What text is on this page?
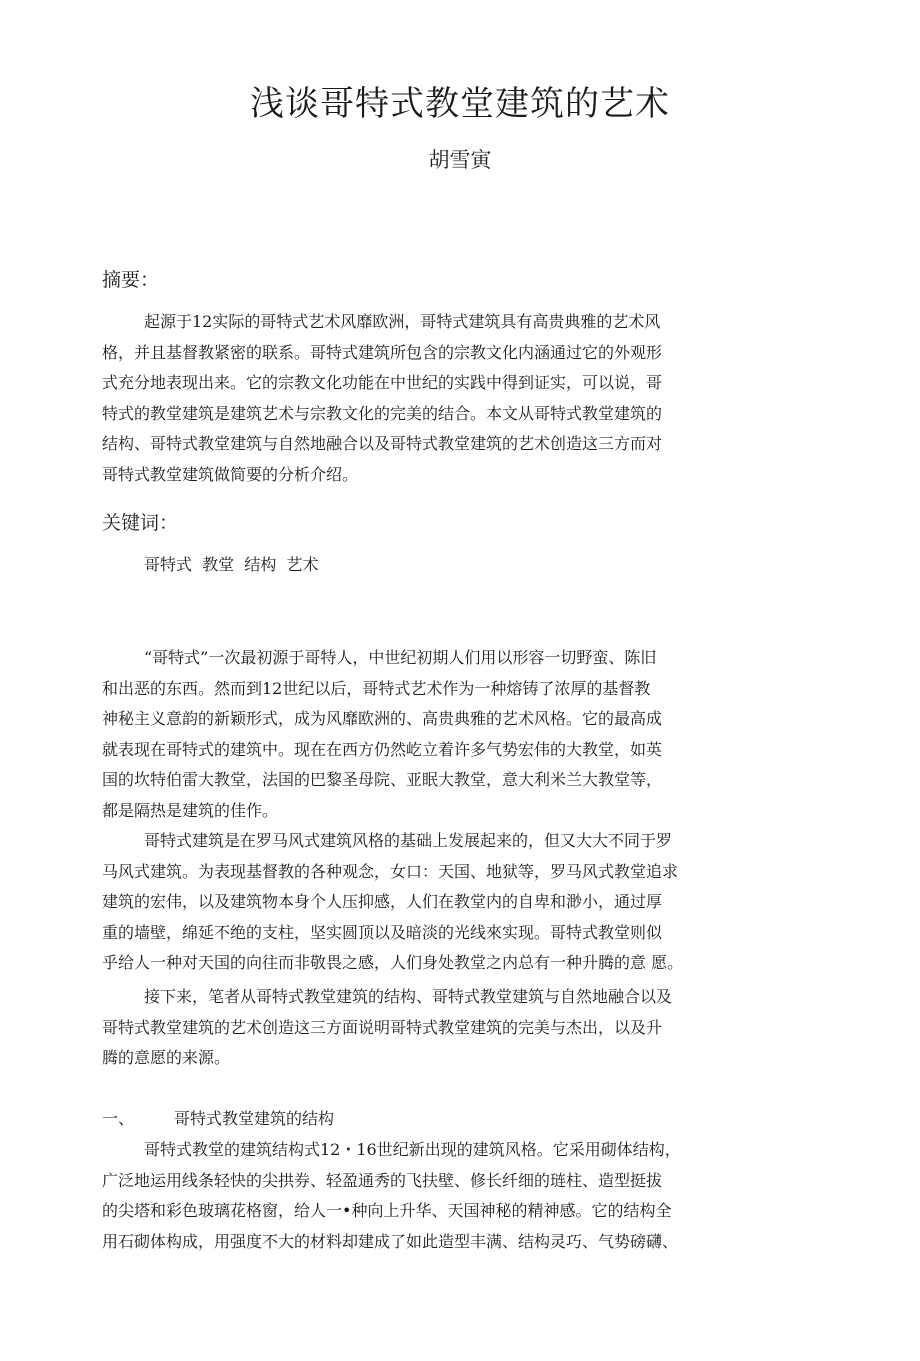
浅谈哥特式教堂建筑的艺术
胡雪寅
摘要：
起源于12实际的哥特式艺术风靡欧洲，哥特式建筑具有高贵典雅的艺术风
格，并且基督教紧密的联系。哥特式建筑所包含的宗教文化内涵通过它的外观形
式充分地表现出来。它的宗教文化功能在中世纪的实践中得到证实，可以说，哥
特式的教堂建筑是建筑艺术与宗教文化的完美的结合。本文从哥特式教堂建筑的
结构、哥特式教堂建筑与自然地融合以及哥特式教堂建筑的艺术创造这三方而对
哥特式教堂建筑做简要的分析介绍。
关键词：
哥特式  教堂  结构  艺术
“哥特式”一次最初源于哥特人，中世纪初期人们用以形容一切野蛮、陈旧
和出恶的东西。然而到12世纪以后，哥特式艺术作为一种熔铸了浓厚的基督教
神秘主义意韵的新颖形式，成为风靡欧洲的、高贵典雅的艺术风格。它的最高成
就表现在哥特式的建筑中。现在在西方仍然屹立着许多气势宏伟的大教堂，如英
国的坎特伯雷大教堂，法国的巴黎圣母院、亚眠大教堂，意大利米兰大教堂等，
都是隔热是建筑的佳作。
哥特式建筑是在罗马风式建筑风格的基础上发展起来的，但又大大不同于罗
马风式建筑。为表现基督教的各种观念，女口：天国、地狱等，罗马风式教堂追求
建筑的宏伟，以及建筑物本身个人压抑感，人们在教堂内的自卑和渺小，通过厚
重的墙壁，绵延不绝的支柱，坚实圆顶以及暗淡的光线來实现。哥特式教堂则似
乎给人一种对天国的向往而非敬畏之感，人们身处教堂之内总有一种升腾的意 愿。
接下来，笔者从哥特式教堂建筑的结构、哥特式教堂建筑与自然地融合以及
哥特式教堂建筑的艺术创造这三方面说明哥特式教堂建筑的完美与杰出，以及升
腾的意愿的来源。
一、 哥特式教堂建筑的结构
哥特式教堂的建筑结构式12・16世纪新出现的建筑风格。它采用砌体结构，
广泛地运用线条轻快的尖拱券、轻盈通秀的飞扶壁、修长纤细的琏柱、造型挺拔
的尖塔和彩色玻璃花格窗，给人一•种向上升华、天国神秘的精神感。它的结构全
用石砌体构成，用强度不大的材料却建成了如此造型丰满、结构灵巧、气势磅礴、
